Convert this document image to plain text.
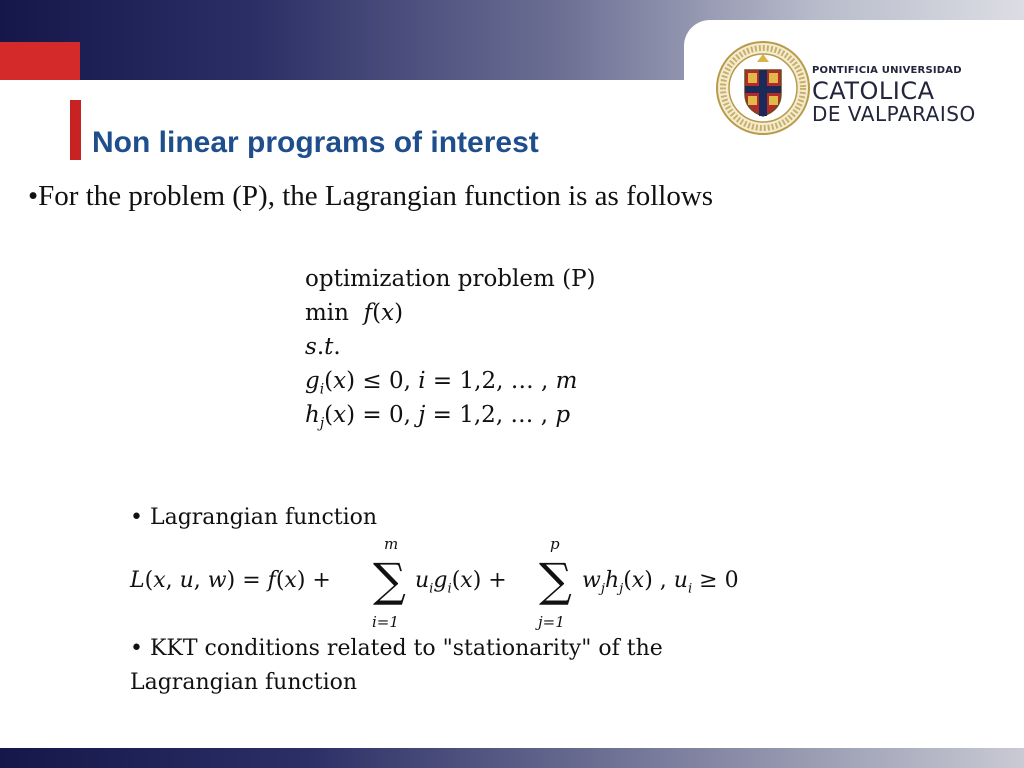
PONTIFICIA UNIVERSIDAD
CATOLICA
DE VALPARAISO
Non linear programs of interest
•For the problem (P), the Lagrangian function is as follows
optimization problem (P)
min  f(x)
s.t.
$g_i(x) \le 0$, i = 1,2, … , m
$h_j(x) = 0$, j = 1,2, … , p
• Lagrangian function
L(x, u, w) = f(x) +
m
∑
i=1
$u_ig_i(x)$ +
p
∑
j=1
$w_jh_j(x)$ , $u_i \ge 0$
• KKT conditions related to "stationarity" of the
Lagrangian function
